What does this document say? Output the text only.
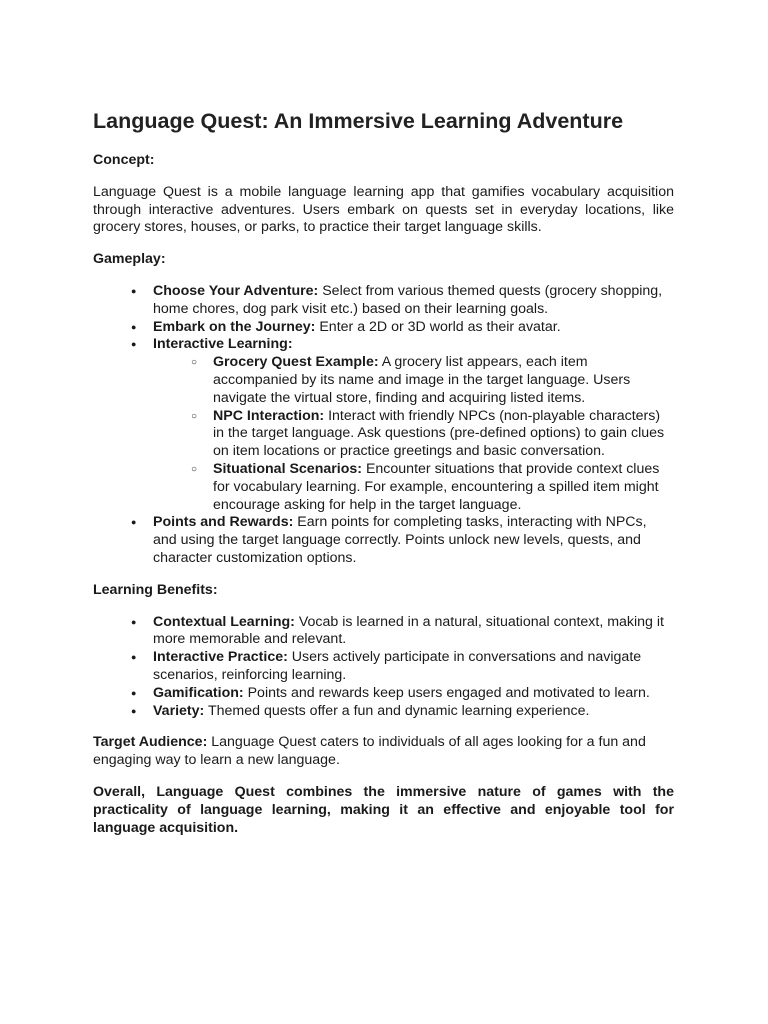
Language Quest: An Immersive Learning Adventure
Concept:

Language Quest is a mobile language learning app that gamifies vocabulary acquisition through interactive adventures. Users embark on quests set in everyday locations, like grocery stores, houses, or parks, to practice their target language skills.

Gameplay:
● Choose Your Adventure: Select from various themed quests (grocery shopping, home chores, dog park visit etc.) based on their learning goals.
● Embark on the Journey: Enter a 2D or 3D world as their avatar.
● Interactive Learning:
○ Grocery Quest Example: A grocery list appears, each item accompanied by its name and image in the target language. Users navigate the virtual store, finding and acquiring listed items.
○ NPC Interaction: Interact with friendly NPCs (non-playable characters) in the target language. Ask questions (pre-defined options) to gain clues on item locations or practice greetings and basic conversation.
○ Situational Scenarios: Encounter situations that provide context clues for vocabulary learning. For example, encountering a spilled item might encourage asking for help in the target language.
● Points and Rewards: Earn points for completing tasks, interacting with NPCs, and using the target language correctly. Points unlock new levels, quests, and character customization options.
Learning Benefits:
● Contextual Learning: Vocab is learned in a natural, situational context, making it more memorable and relevant.
● Interactive Practice: Users actively participate in conversations and navigate scenarios, reinforcing learning.
● Gamification: Points and rewards keep users engaged and motivated to learn.
● Variety: Themed quests offer a fun and dynamic learning experience.

Target Audience: Language Quest caters to individuals of all ages looking for a fun and engaging way to learn a new language.

Overall, Language Quest combines the immersive nature of games with the practicality of language learning, making it an effective and enjoyable tool for language acquisition.
